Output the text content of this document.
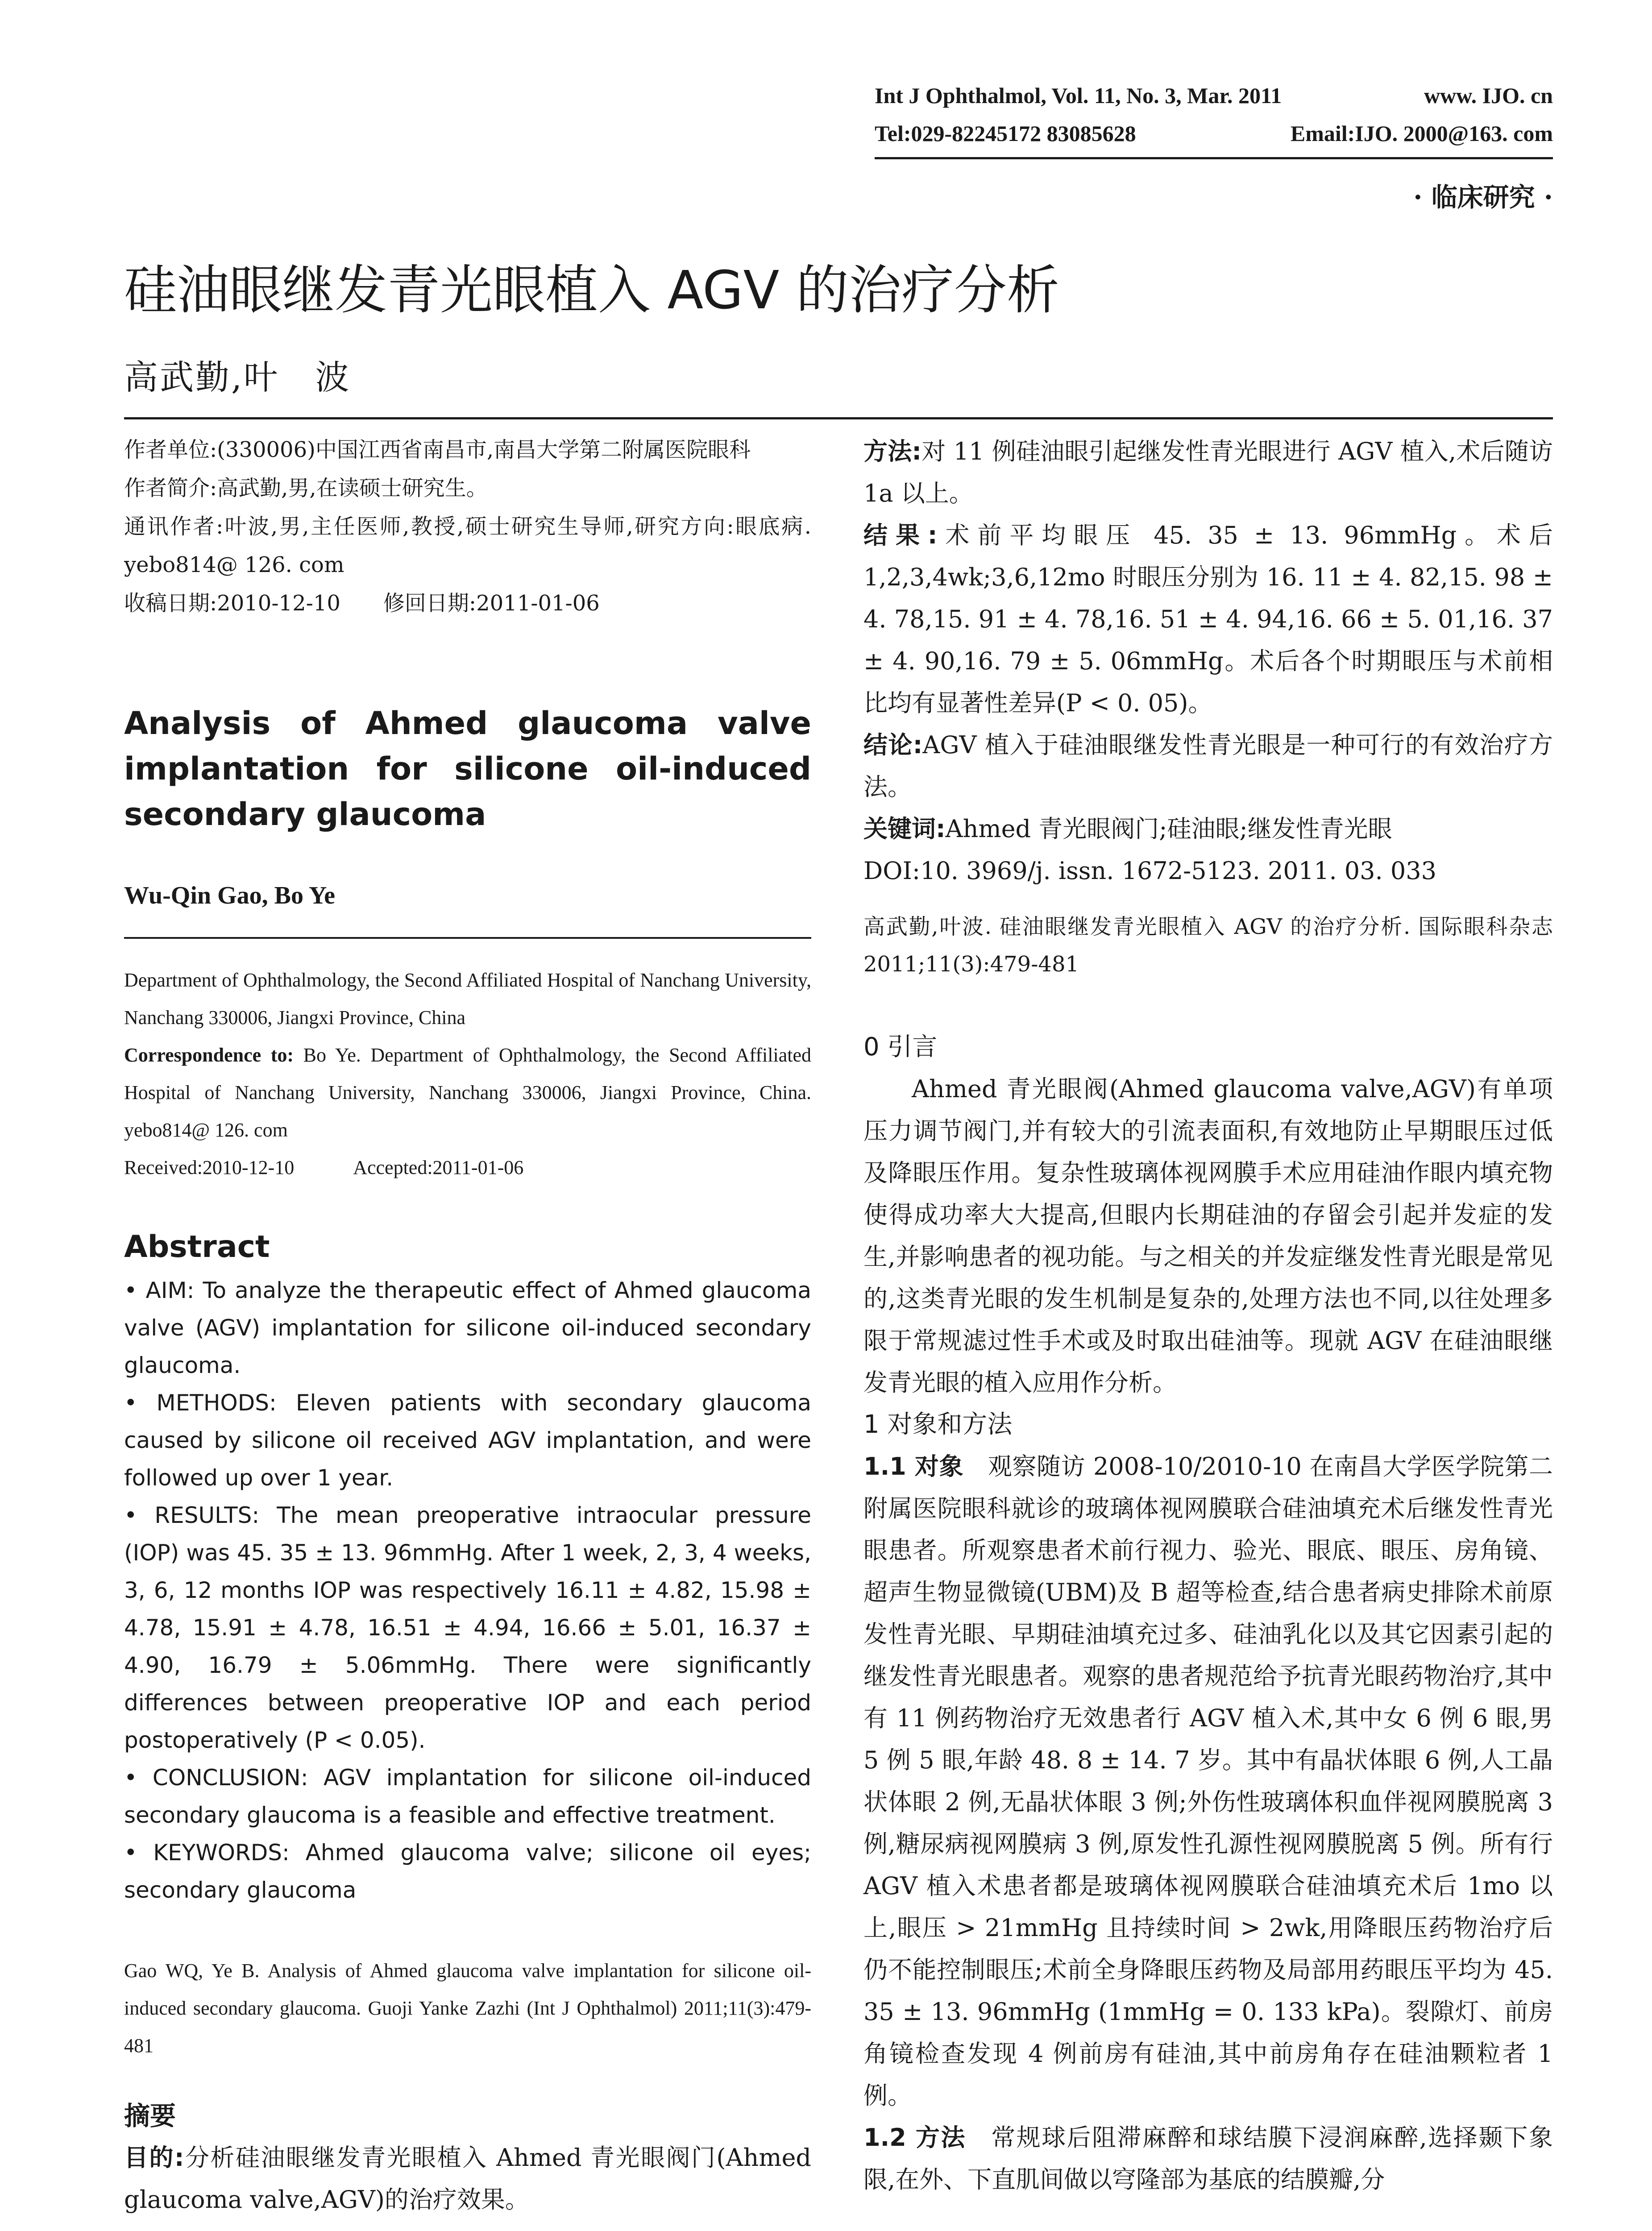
Int J Ophthalmol, Vol. 11, No. 3, Mar. 2011	www. IJO. cn
Tel:029-82245172 83085628	Email:IJO. 2000@163. com
· 临床研究 ·
硅油眼继发青光眼植入 AGV 的治疗分析
高武勤,叶　波

作者单位:(330006)中国江西省南昌市,南昌大学第二附属医院眼科

作者简介:高武勤,男,在读硕士研究生。

通讯作者:叶波,男,主任医师,教授,硕士研究生导师,研究方向:眼底病. yebo814@ 126. com

收稿日期:2010-12-10　　修回日期:2011-01-06

Analysis of Ahmed glaucoma valve implantation for silicone oil-induced secondary glaucoma
Wu-Qin Gao, Bo Ye

Department of Ophthalmology, the Second Affiliated Hospital of Nanchang University, Nanchang 330006, Jiangxi Province, China

Correspondence to: Bo Ye. Department of Ophthalmology, the Second Affiliated Hospital of Nanchang University, Nanchang 330006, Jiangxi Province, China. yebo814@ 126. com

Received:2010-12-10　　　Accepted:2011-01-06

Abstract

• AIM: To analyze the therapeutic effect of Ahmed glaucoma valve (AGV) implantation for silicone oil-induced secondary glaucoma.

• METHODS: Eleven patients with secondary glaucoma caused by silicone oil received AGV implantation, and were followed up over 1 year.

• RESULTS: The mean preoperative intraocular pressure (IOP) was 45. 35 ± 13. 96mmHg. After 1 week, 2, 3, 4 weeks, 3, 6, 12 months IOP was respectively 16.11 ± 4.82, 15.98 ± 4.78, 15.91 ± 4.78, 16.51 ± 4.94, 16.66 ± 5.01, 16.37 ± 4.90, 16.79 ± 5.06mmHg. There were significantly differences between preoperative IOP and each period postoperatively (P < 0.05).

• CONCLUSION: AGV implantation for silicone oil-induced secondary glaucoma is a feasible and effective treatment.

• KEYWORDS: Ahmed glaucoma valve; silicone oil eyes; secondary glaucoma

Gao WQ, Ye B. Analysis of Ahmed glaucoma valve implantation for silicone oil-induced secondary glaucoma. Guoji Yanke Zazhi (Int J Ophthalmol) 2011;11(3):479-481

摘要

目的:分析硅油眼继发青光眼植入 Ahmed 青光眼阀门(Ahmed glaucoma valve,AGV)的治疗效果。

方法:对 11 例硅油眼引起继发性青光眼进行 AGV 植入,术后随访 1a 以上。

结果:术前平均眼压 45. 35 ± 13. 96mmHg。术后 1,2,3,4wk;3,6,12mo 时眼压分别为 16. 11 ± 4. 82,15. 98 ± 4. 78,15. 91 ± 4. 78,16. 51 ± 4. 94,16. 66 ± 5. 01,16. 37 ± 4. 90,16. 79 ± 5. 06mmHg。术后各个时期眼压与术前相比均有显著性差异(P < 0. 05)。

结论:AGV 植入于硅油眼继发性青光眼是一种可行的有效治疗方法。

关键词:Ahmed 青光眼阀门;硅油眼;继发性青光眼

DOI:10. 3969/j. issn. 1672-5123. 2011. 03. 033

高武勤,叶波. 硅油眼继发青光眼植入 AGV 的治疗分析. 国际眼科杂志 2011;11(3):479-481

0 引言

Ahmed 青光眼阀(Ahmed glaucoma valve,AGV)有单项压力调节阀门,并有较大的引流表面积,有效地防止早期眼压过低及降眼压作用。复杂性玻璃体视网膜手术应用硅油作眼内填充物使得成功率大大提高,但眼内长期硅油的存留会引起并发症的发生,并影响患者的视功能。与之相关的并发症继发性青光眼是常见的,这类青光眼的发生机制是复杂的,处理方法也不同,以往处理多限于常规滤过性手术或及时取出硅油等。现就 AGV 在硅油眼继发青光眼的植入应用作分析。

1 对象和方法

1.1 对象　 观察随访 2008-10/2010-10 在南昌大学医学院第二附属医院眼科就诊的玻璃体视网膜联合硅油填充术后继发性青光眼患者。所观察患者术前行视力、验光、眼底、眼压、房角镜、超声生物显微镜(UBM)及 B 超等检查,结合患者病史排除术前原发性青光眼、早期硅油填充过多、硅油乳化以及其它因素引起的继发性青光眼患者。观察的患者规范给予抗青光眼药物治疗,其中有 11 例药物治疗无效患者行 AGV 植入术,其中女 6 例 6 眼,男 5 例 5 眼,年龄 48. 8 ± 14. 7 岁。其中有晶状体眼 6 例,人工晶状体眼 2 例,无晶状体眼 3 例;外伤性玻璃体积血伴视网膜脱离 3 例,糖尿病视网膜病 3 例,原发性孔源性视网膜脱离 5 例。所有行 AGV 植入术患者都是玻璃体视网膜联合硅油填充术后 1mo 以上,眼压 > 21mmHg 且持续时间 > 2wk,用降眼压药物治疗后仍不能控制眼压;术前全身降眼压药物及局部用药眼压平均为 45. 35 ± 13. 96mmHg (1mmHg = 0. 133 kPa)。裂隙灯、前房角镜检查发现 4 例前房有硅油,其中前房角存在硅油颗粒者 1 例。

1.2 方法　 常规球后阻滞麻醉和球结膜下浸润麻醉,选择颞下象限,在外、下直肌间做以穹隆部为基底的结膜瓣,分
